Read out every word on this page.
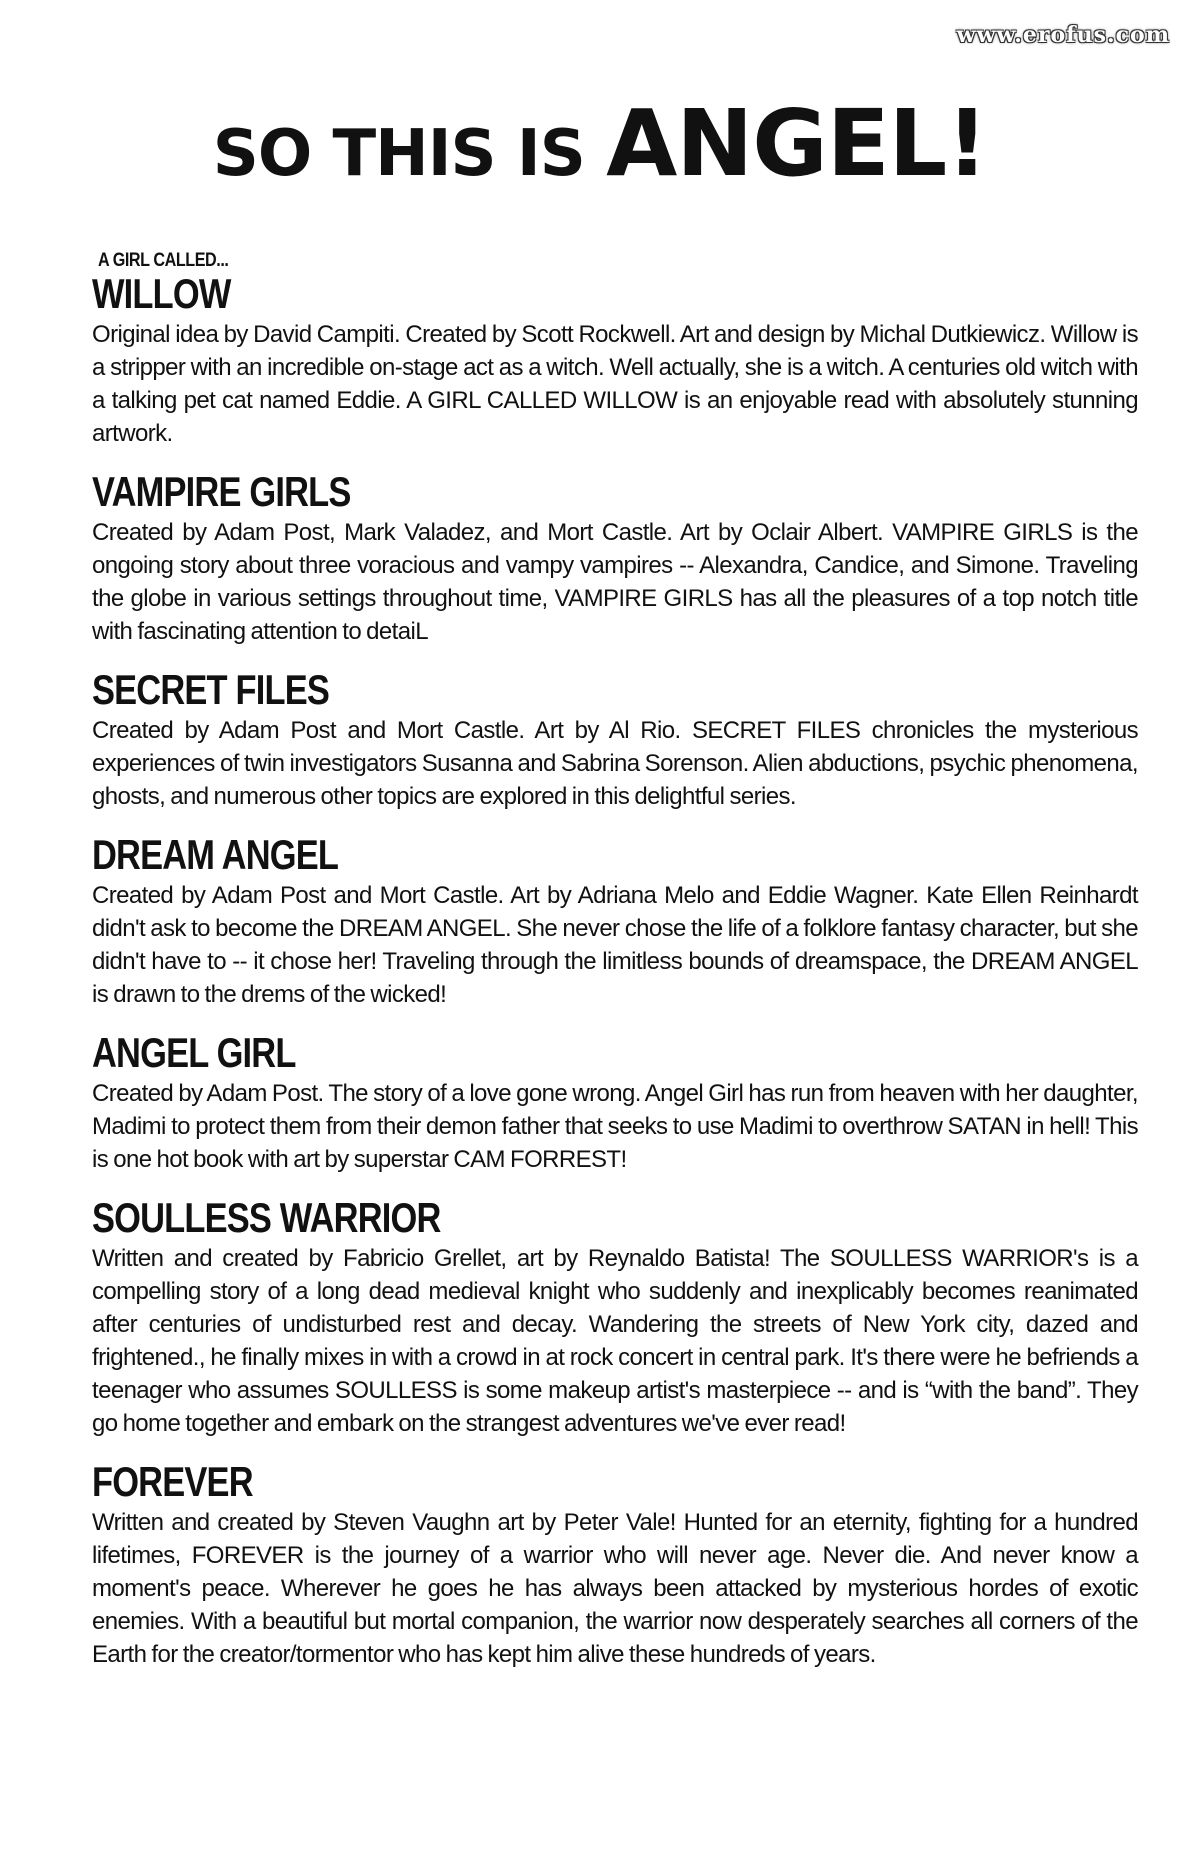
www.erofus.com
SO THIS IS ANGEL!
A GIRL CALLED...
WILLOW

Original idea by David Campiti. Created by Scott Rockwell. Art and design by Michal Dutkiewicz. Willow is a stripper with an incredible on-stage act as a witch. Well actually, she is a witch. A centuries old witch with a talking pet cat named Eddie. A GIRL CALLED WILLOW is an enjoyable read with absolutely stunning artwork.

VAMPIRE GIRLS

Created by Adam Post, Mark Valadez, and Mort Castle. Art by Oclair Albert. VAMPIRE GIRLS is the ongoing story about three voracious and vampy vampires -- Alexandra, Candice, and Simone. Traveling the globe in various settings throughout time, VAMPIRE GIRLS has all the pleasures of a top notch title with fascinating attention to detaiL

SECRET FILES

Created by Adam Post and Mort Castle. Art by Al Rio. SECRET FILES chronicles the mysterious experiences of twin investigators Susanna and Sabrina Sorenson. Alien abductions, psychic phenomena, ghosts, and numerous other topics are explored in this delightful series.

DREAM ANGEL

Created by Adam Post and Mort Castle. Art by Adriana Melo and Eddie Wagner. Kate Ellen Reinhardt didn't ask to become the DREAM ANGEL. She never chose the life of a folklore fantasy character, but she didn't have to -- it chose her! Traveling through the limitless bounds of dreamspace, the DREAM ANGEL is drawn to the drems of the wicked!

ANGEL GIRL

Created by Adam Post. The story of a love gone wrong. Angel Girl has run from heaven with her daughter, Madimi to protect them from their demon father that seeks to use Madimi to overthrow SATAN in hell! This is one hot book with art by superstar CAM FORREST!

SOULLESS WARRIOR

Written and created by Fabricio Grellet, art by Reynaldo Batista! The SOULLESS WARRIOR's is a compelling story of a long dead medieval knight who suddenly and inexplicably becomes reanimated after centuries of undisturbed rest and decay. Wandering the streets of New York city, dazed and frightened., he finally mixes in with a crowd in at rock concert in central park. It's there were he befriends a teenager who assumes SOULLESS is some makeup artist's masterpiece -- and is “with the band”. They go home together and embark on the strangest adventures we've ever read!

FOREVER

Written and created by Steven Vaughn art by Peter Vale! Hunted for an eternity, fighting for a hundred lifetimes, FOREVER is the journey of a warrior who will never age. Never die. And never know a moment's peace. Wherever he goes he has always been attacked by mysterious hordes of exotic enemies. With a beautiful but mortal companion, the warrior now desperately searches all corners of the Earth for the creator/tormentor who has kept him alive these hundreds of years.
